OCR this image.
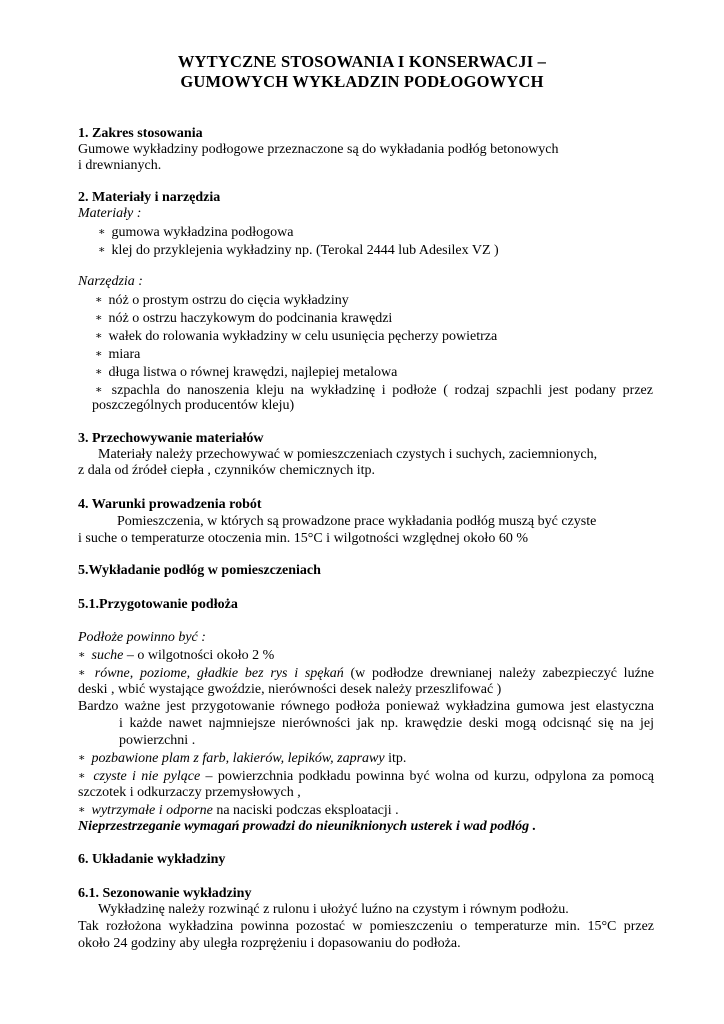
WYTYCZNE STOSOWANIA I KONSERWACJI –
GUMOWYCH WYKŁADZIN PODŁOGOWYCH
1. Zakres stosowania
Gumowe wykładziny podłogowe przeznaczone są do wykładania podłóg betonowych
i drewnianych.
2. Materiały i narzędzia
Materiały :
∗ gumowa wykładzina podłogowa
∗ klej do przyklejenia wykładziny np. (Terokal 2444 lub Adesilex VZ )
Narzędzia :
∗ nóż o prostym ostrzu do cięcia wykładziny
∗ nóż o ostrzu haczykowym do podcinania krawędzi
∗ wałek do rolowania wykładziny w celu usunięcia pęcherzy powietrza
∗ miara
∗ długa listwa o równej krawędzi, najlepiej metalowa
∗ szpachla do nanoszenia kleju na wykładzinę i podłoże ( rodzaj szpachli jest podany przez
poszczególnych producentów kleju)
3. Przechowywanie materiałów
Materiały należy przechowywać w pomieszczeniach czystych i suchych, zaciemnionych,
z dala od źródeł ciepła , czynników chemicznych itp.
4. Warunki prowadzenia robót
Pomieszczenia, w których są prowadzone prace wykładania podłóg muszą być czyste
i suche o temperaturze otoczenia min. 15°C i wilgotności względnej około 60 %
5.Wykładanie podłóg w pomieszczeniach
5.1.Przygotowanie podłoża
Podłoże powinno być :
∗ suche – o wilgotności około 2 %
∗ równe, poziome, gładkie bez rys i spękań (w podłodze drewnianej należy zabezpieczyć luźne
deski , wbić wystające gwoździe, nierówności desek należy przeszlifować )
Bardzo ważne jest przygotowanie równego podłoża ponieważ wykładzina gumowa jest elastyczna
i każde nawet najmniejsze nierówności jak np. krawędzie deski mogą odcisnąć się na jej
powierzchni .
∗ pozbawione plam z farb, lakierów, lepików, zaprawy itp.
∗ czyste i nie pylące – powierzchnia podkładu powinna być wolna od kurzu, odpylona za pomocą
szczotek i odkurzaczy przemysłowych ,
∗ wytrzymałe i odporne na naciski podczas eksploatacji .
Nieprzestrzeganie wymagań prowadzi do nieuniknionych usterek i wad podłóg .
6. Układanie wykładziny
6.1. Sezonowanie wykładziny
Wykładzinę należy rozwinąć z rulonu i ułożyć luźno na czystym i równym podłożu.
Tak rozłożona wykładzina powinna pozostać w pomieszczeniu o temperaturze min. 15°C przez
około 24 godziny aby uległa rozprężeniu i dopasowaniu do podłoża.
